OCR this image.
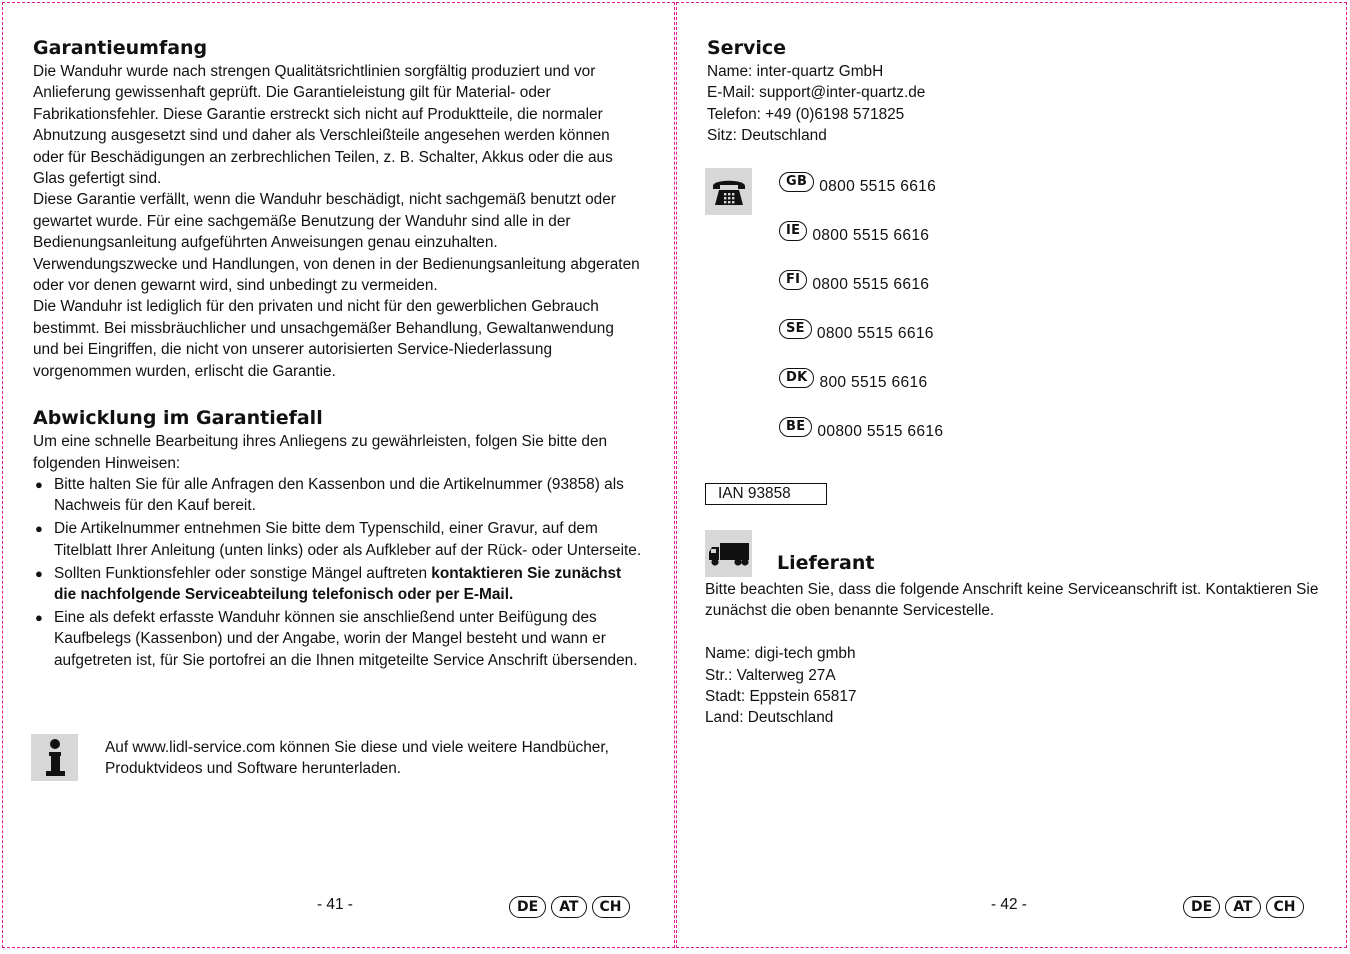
Garantieumfang

Die Wanduhr wurde nach strengen Qualitätsrichtlinien sorgfältig produziert und vor Anlieferung gewissenhaft geprüft. Die Garantieleistung gilt für Material- oder Fabrikationsfehler. Diese Garantie erstreckt sich nicht auf Produktteile, die normaler Abnutzung ausgesetzt sind und daher als Verschleißteile angesehen werden können oder für Beschädigungen an zerbrechlichen Teilen, z. B. Schalter, Akkus oder die aus Glas gefertigt sind.

Diese Garantie verfällt, wenn die Wanduhr beschädigt, nicht sachgemäß benutzt oder gewartet wurde. Für eine sachgemäße Benutzung der Wanduhr sind alle in der Bedienungsanleitung aufgeführten Anweisungen genau einzuhalten. Verwendungszwecke und Handlungen, von denen in der Bedienungsanleitung abgeraten oder vor denen gewarnt wird, sind unbedingt zu vermeiden.

Die Wanduhr ist lediglich für den privaten und nicht für den gewerblichen Gebrauch bestimmt. Bei missbräuchlicher und unsachgemäßer Behandlung, Gewaltanwendung und bei Eingriffen, die nicht von unserer autorisierten Service-Niederlassung vorgenommen wurden, erlischt die Garantie.

Abwicklung im Garantiefall

Um eine schnelle Bearbeitung ihres Anliegens zu gewährleisten, folgen Sie bitte den folgenden Hinweisen:

● Bitte halten Sie für alle Anfragen den Kassenbon und die Artikelnummer (93858) als Nachweis für den Kauf bereit.
● Die Artikelnummer entnehmen Sie bitte dem Typenschild, einer Gravur, auf dem Titelblatt Ihrer Anleitung (unten links) oder als Aufkleber auf der Rück- oder Unterseite.
● Sollten Funktionsfehler oder sonstige Mängel auftreten kontaktieren Sie zunächst die nachfolgende Serviceabteilung telefonisch oder per E-Mail.
● Eine als defekt erfasste Wanduhr können sie anschließend unter Beifügung des Kaufbelegs (Kassenbon) und der Angabe, worin der Mangel besteht und wann er aufgetreten ist, für Sie portofrei an die Ihnen mitgeteilte Service Anschrift übersenden.

Auf www.lidl-service.com können Sie diese und viele weitere Handbücher, Produktvideos und Software herunterladen.

- 41 -	DE	AT	CH
Service

Name: inter-quartz GmbH

E-Mail: support@inter-quartz.de

Telefon: +49 (0)6198 571825

Sitz: Deutschland

GB 0800 5515 6616
IE 0800 5515 6616
FI 0800 5515 6616
SE 0800 5515 6616
DK 800 5515 6616
BE 00800 5515 6616
IAN 93858
Lieferant

Bitte beachten Sie, dass die folgende Anschrift keine Serviceanschrift ist. Kontaktieren Sie zunächst die oben benannte Servicestelle.

Name: digi-tech gmbh

Str.: Valterweg 27A

Stadt: Eppstein 65817

Land: Deutschland

- 42 -	DE	AT	CH
